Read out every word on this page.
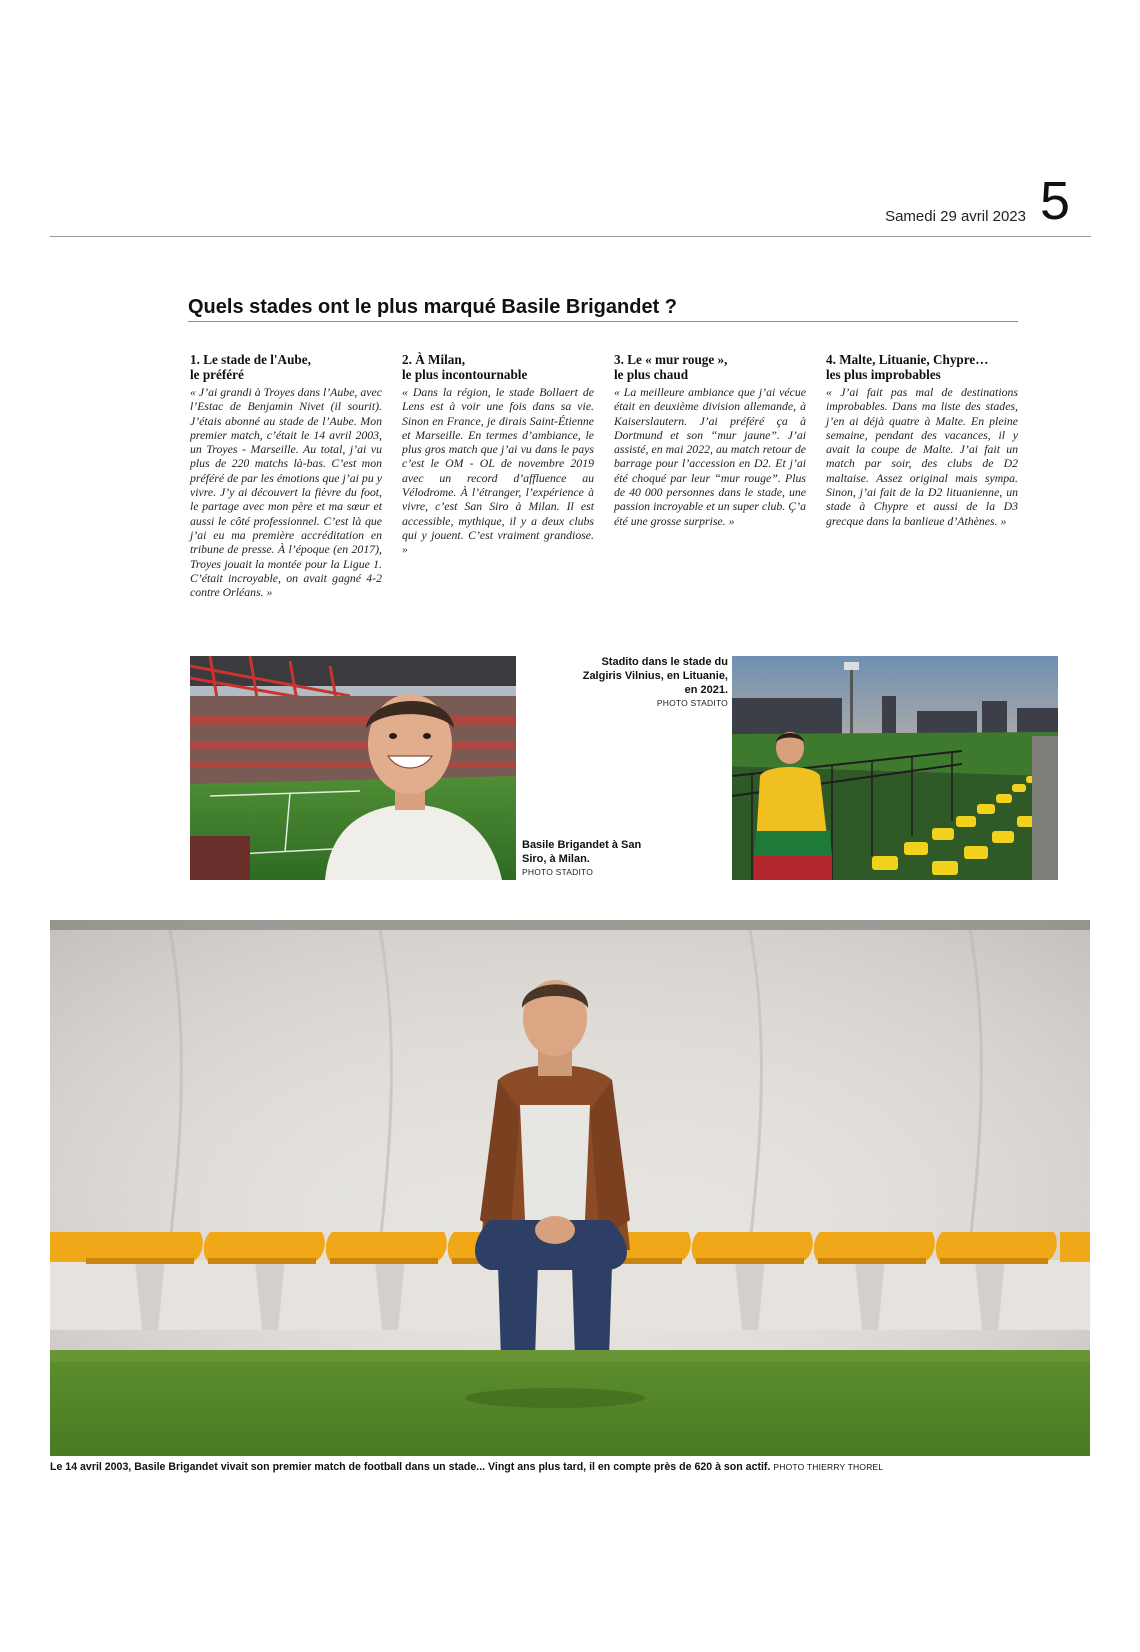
Samedi 29 avril 2023 5
Quels stades ont le plus marqué Basile Brigandet ?
1. Le stade de l'Aube,
le préféré

« J’ai grandi à Troyes dans l’Aube, avec l’Estac de Benjamin Nivet (il sourit). J’étais abonné au stade de l’Aube. Mon premier match, c’était le 14 avril 2003, un Troyes - Marseille. Au total, j’ai vu plus de 220 matchs là-bas. C’est mon préféré de par les émotions que j’ai pu y vivre. J’y ai découvert la fièvre du foot, le partage avec mon père et ma sœur et aussi le côté professionnel. C’est là que j’ai eu ma première accréditation en tribune de presse. À l’époque (en 2017), Troyes jouait la montée pour la Ligue 1. C’était incroyable, on avait gagné 4-2 contre Orléans. »

2. À Milan,
le plus incontournable

« Dans la région, le stade Bollaert de Lens est à voir une fois dans sa vie. Sinon en France, je dirais Saint-Étienne et Marseille. En termes d’ambiance, le plus gros match que j’ai vu dans le pays c’est le OM - OL de novembre 2019 avec un record d’affluence au Vélodrome. À l’étranger, l’expérience à vivre, c’est San Siro à Milan. Il est accessible, mythique, il y a deux clubs qui y jouent. C’est vraiment grandiose. »

3. Le « mur rouge »,
le plus chaud

« La meilleure ambiance que j’ai vécue était en deuxième division allemande, à Kaiserslautern. J’ai préféré ça à Dortmund et son “mur jaune”. J’ai assisté, en mai 2022, au match retour de barrage pour l’accession en D2. Et j’ai été choqué par leur “mur rouge”. Plus de 40 000 personnes dans le stade, une passion incroyable et un super club. Ç’a été une grosse surprise. »

4. Malte, Lituanie, Chypre…
les plus improbables

« J’ai fait pas mal de destinations improbables. Dans ma liste des stades, j’en ai déjà quatre à Malte. En pleine semaine, pendant des vacances, il y avait la coupe de Malte. J’ai fait un match par soir, des clubs de D2 maltaise. Assez original mais sympa. Sinon, j’ai fait de la D2 lituanienne, un stade à Chypre et aussi de la D3 grecque dans la banlieue d’Athènes. »

Basile Brigandet à San Siro, à Milan.
PHOTO STADITO
Stadito dans le stade du Zalgiris Vilnius, en Lituanie, en 2021.
PHOTO STADITO
Le 14 avril 2003, Basile Brigandet vivait son premier match de football dans un stade... Vingt ans plus tard, il en compte près de 620 à son actif. PHOTO THIERRY THOREL
